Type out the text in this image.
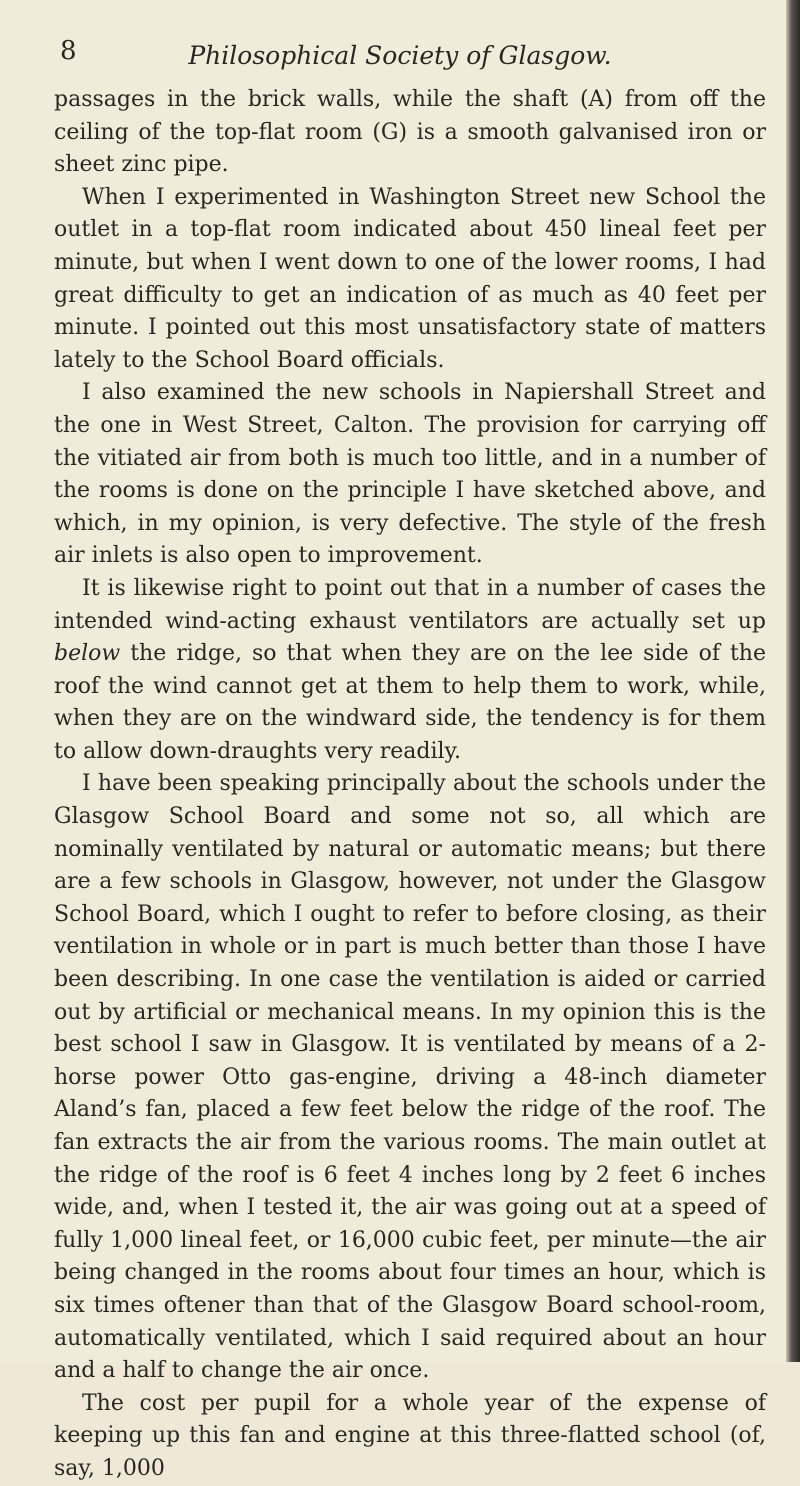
8	Philosophical Society of Glasgow.

passages in the brick walls, while the shaft (A) from off the ceiling of the top-flat room (G) is a smooth galvanised iron or sheet zinc pipe.

When I experimented in Washington Street new School the outlet in a top-flat room indicated about 450 lineal feet per minute, but when I went down to one of the lower rooms, I had great difficulty to get an indication of as much as 40 feet per minute. I pointed out this most unsatisfactory state of matters lately to the School Board officials.

I also examined the new schools in Napiershall Street and the one in West Street, Calton. The provision for carrying off the vitiated air from both is much too little, and in a number of the rooms is done on the principle I have sketched above, and which, in my opinion, is very defective. The style of the fresh air inlets is also open to improvement.

It is likewise right to point out that in a number of cases the intended wind-acting exhaust ventilators are actually set up below the ridge, so that when they are on the lee side of the roof the wind cannot get at them to help them to work, while, when they are on the windward side, the tendency is for them to allow down-draughts very readily.

I have been speaking principally about the schools under the Glasgow School Board and some not so, all which are nominally ventilated by natural or automatic means; but there are a few schools in Glasgow, however, not under the Glasgow School Board, which I ought to refer to before closing, as their ventilation in whole or in part is much better than those I have been describing. In one case the ventilation is aided or carried out by artificial or mechanical means. In my opinion this is the best school I saw in Glasgow. It is ventilated by means of a 2-horse power Otto gas-engine, driving a 48-inch diameter Aland’s fan, placed a few feet below the ridge of the roof. The fan extracts the air from the various rooms. The main outlet at the ridge of the roof is 6 feet 4 inches long by 2 feet 6 inches wide, and, when I tested it, the air was going out at a speed of fully 1,000 lineal feet, or 16,000 cubic feet, per minute—the air being changed in the rooms about four times an hour, which is six times oftener than that of the Glasgow Board school-room, automatically ventilated, which I said required about an hour and a half to change the air once.

The cost per pupil for a whole year of the expense of keeping up this fan and engine at this three-flatted school (of, say, 1,000
